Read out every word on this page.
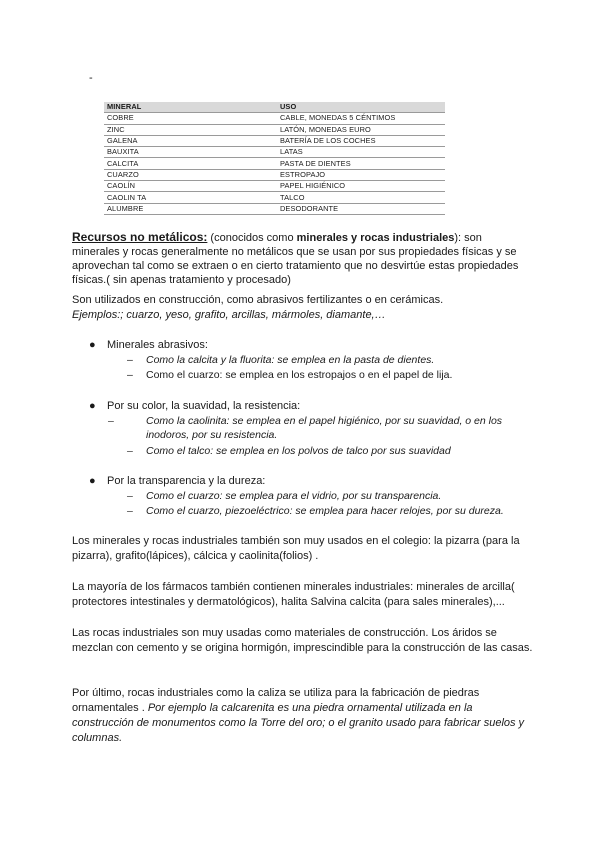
-
MINERAL	USO
COBRE	CABLE, MONEDAS 5 CÉNTIMOS
ZINC	LATÓN, MONEDAS EURO
GALENA	BATERÍA DE LOS COCHES
BAUXITA	LATAS
CALCITA	PASTA DE DIENTES
CUARZO	ESTROPAJO
CAOLÍN	PAPEL HIGIÉNICO
CAOLIN TA	TALCO
ALUMBRE	DESODORANTE
Recursos no metálicos: (conocidos como minerales y rocas industriales): son minerales y rocas generalmente no metálicos que se usan por sus propiedades físicas y se aprovechan tal como se extraen o en cierto tratamiento que no desvirtúe estas propiedades físicas.( sin apenas tratamiento y procesado)
Son utilizados en construcción, como abrasivos fertilizantes o en cerámicas.
Ejemplos:; cuarzo, yeso, grafito, arcillas, mármoles, diamante,…
● Minerales abrasivos:
– Como la calcita y la fluorita: se emplea en la pasta de dientes.
– Como el cuarzo: se emplea en los estropajos o en el papel de lija.
● Por su color, la suavidad, la resistencia:
–	Como la caolinita: se emplea en el papel higiénico, por su suavidad, o en los inodoros, por su resistencia.
– Como el talco: se emplea en los polvos de talco por sus suavidad
● Por la transparencia y la dureza:
– Como el cuarzo: se emplea para el vidrio, por su transparencia.
– Como el cuarzo, piezoeléctrico: se emplea para hacer relojes, por su dureza.
Los minerales y rocas industriales también son muy usados en el colegio: la pizarra (para la pizarra), grafito(lápices), cálcica y caolinita(folios) .
La mayoría de los fármacos también contienen minerales industriales: minerales de arcilla( protectores intestinales y dermatológicos), halita Salvina calcita (para sales minerales),...
Las rocas industriales son muy usadas como materiales de construcción. Los áridos se mezclan con cemento y se origina hormigón, imprescindible para la construcción de las casas.
Por último, rocas industriales como la caliza se utiliza para la fabricación de piedras ornamentales . Por ejemplo la calcarenita es una piedra ornamental utilizada en la construcción de monumentos como la Torre del oro; o el granito usado para fabricar suelos y columnas.
